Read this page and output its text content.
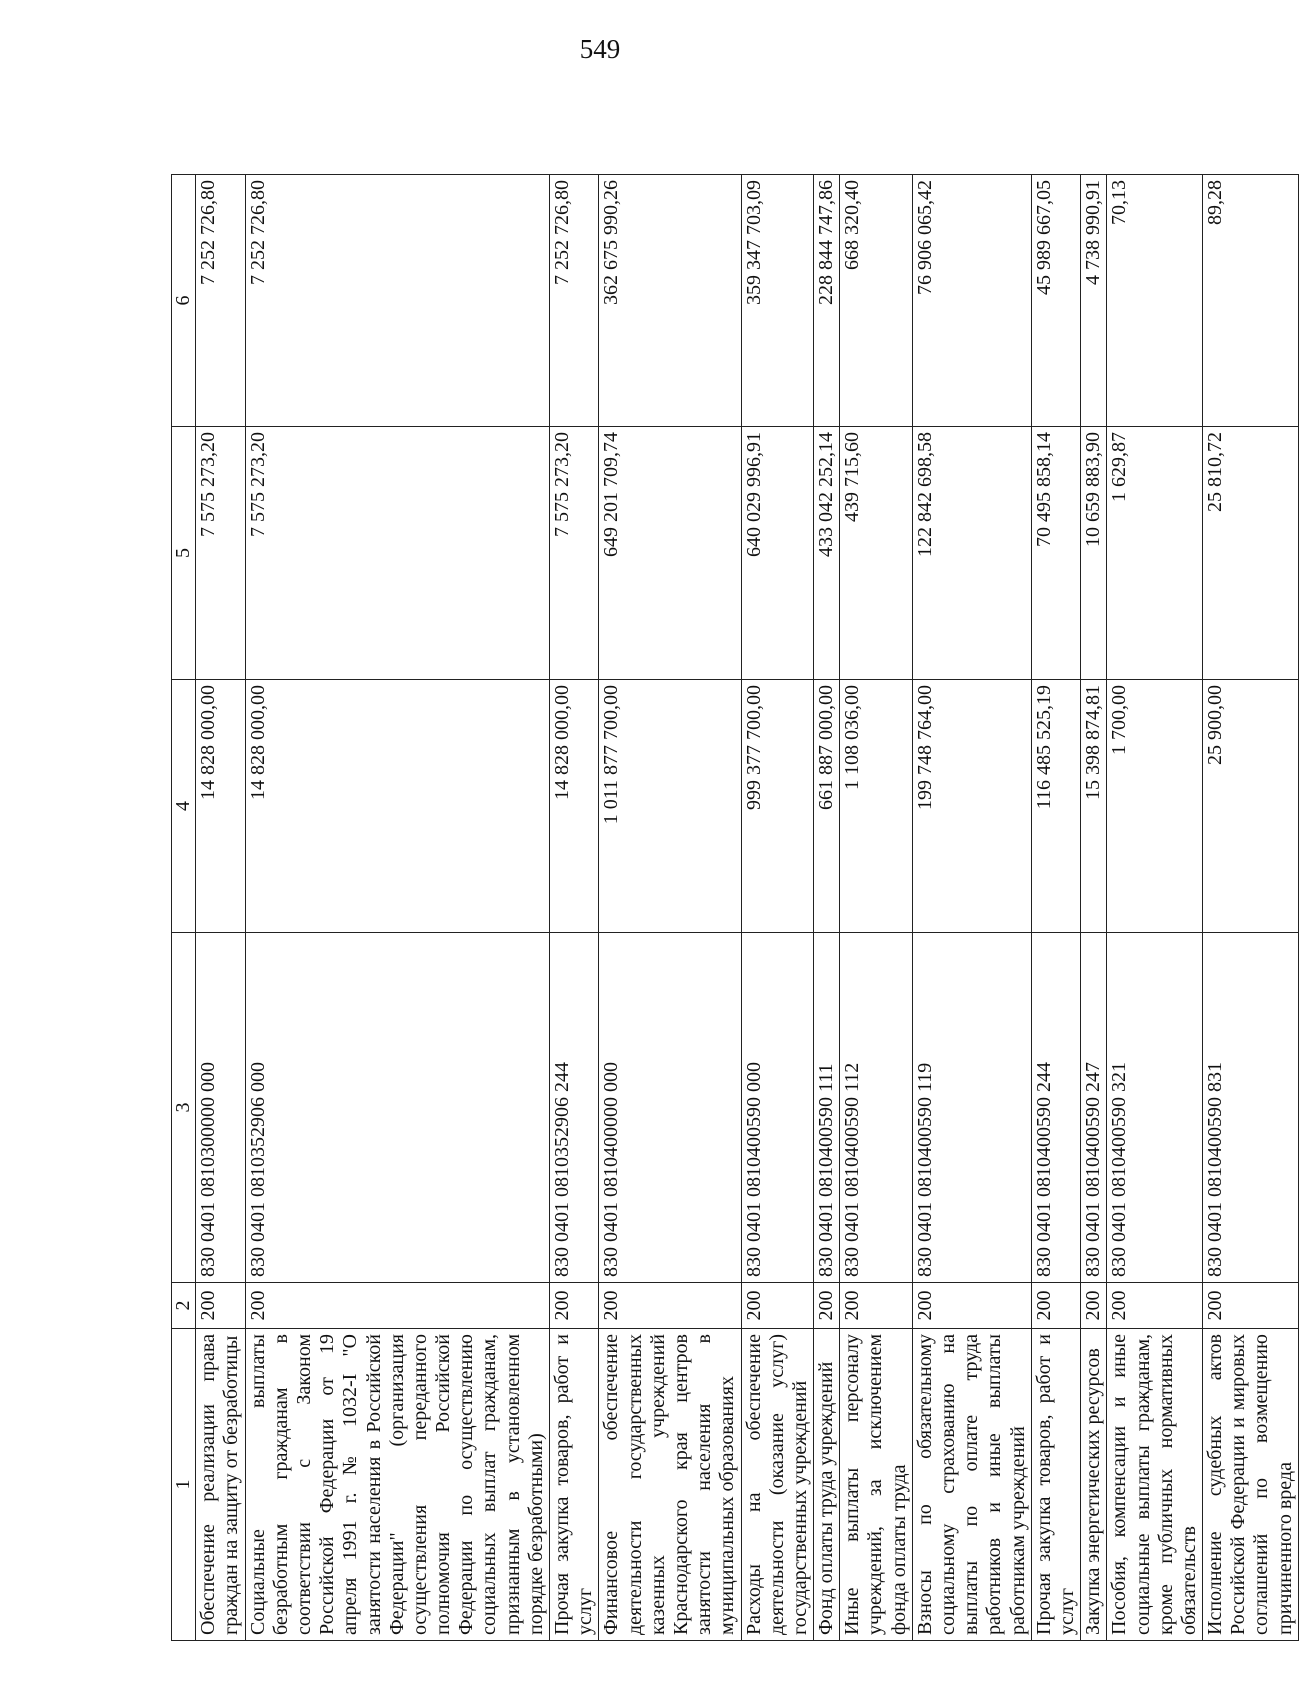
549
1	2	3	4	5	6
Обеспечение реализации права граждан на защиту от безработицы	200	830 0401 0810300000 000	14 828 000,00	7 575 273,20	7 252 726,80
Социальные выплаты безработным гражданам в соответствии с Законом Российской Федерации от 19 апреля 1991 г. № 1032-I "О занятости населения в Российской Федерации" (организация осуществления переданного полномочия Российской Федерации по осуществлению социальных выплат гражданам, признанным в установленном порядке безработными)	200	830 0401 0810352906 000	14 828 000,00	7 575 273,20	7 252 726,80
Прочая закупка товаров, работ и услуг	200	830 0401 0810352906 244	14 828 000,00	7 575 273,20	7 252 726,80
Финансовое обеспечение деятельности государственных казенных учреждений Краснодарского края центров занятости населения в муниципальных образованиях	200	830 0401 0810400000 000	1 011 877 700,00	649 201 709,74	362 675 990,26
Расходы на обеспечение деятельности (оказание услуг) государственных учреждений	200	830 0401 0810400590 000	999 377 700,00	640 029 996,91	359 347 703,09
Фонд оплаты труда учреждений	200	830 0401 0810400590 111	661 887 000,00	433 042 252,14	228 844 747,86
Иные выплаты персоналу учреждений, за исключением фонда оплаты труда	200	830 0401 0810400590 112	1 108 036,00	439 715,60	668 320,40
Взносы по обязательному социальному страхованию на выплаты по оплате труда работников и иные выплаты работникам учреждений	200	830 0401 0810400590 119	199 748 764,00	122 842 698,58	76 906 065,42
Прочая закупка товаров, работ и услуг	200	830 0401 0810400590 244	116 485 525,19	70 495 858,14	45 989 667,05
Закупка энергетических ресурсов	200	830 0401 0810400590 247	15 398 874,81	10 659 883,90	4 738 990,91
Пособия, компенсации и иные социальные выплаты гражданам, кроме публичных нормативных обязательств	200	830 0401 0810400590 321	1 700,00	1 629,87	70,13
Исполнение судебных актов Российской Федерации и мировых соглашений по возмещению причиненного вреда	200	830 0401 0810400590 831	25 900,00	25 810,72	89,28
